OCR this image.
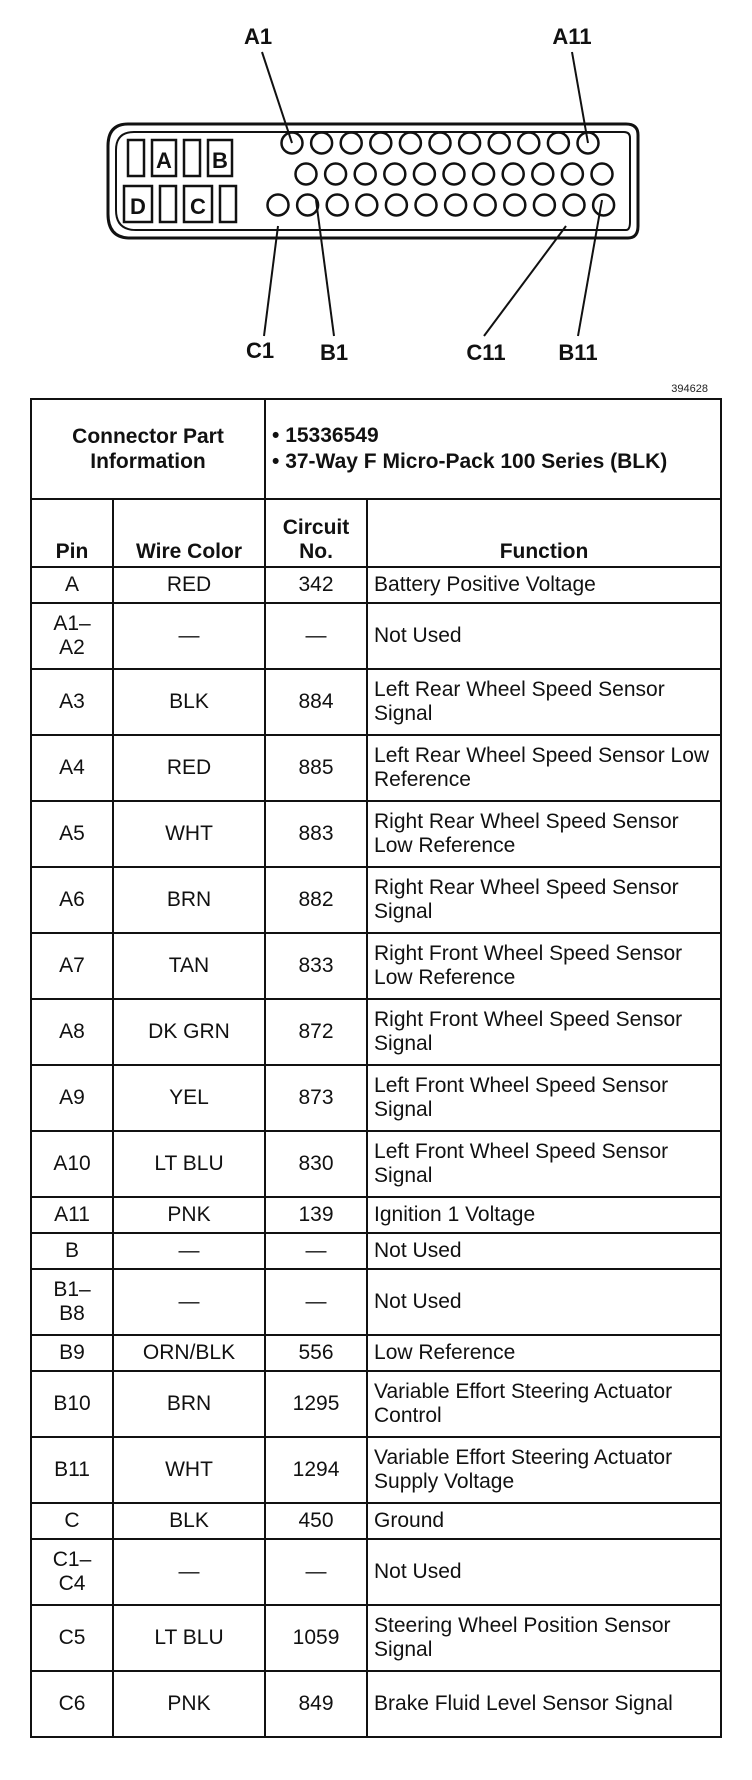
A B
C
D
A1	A11
C1 B1	C11 B11
394628
Connector Part Information		• 15336549
• 37-Way F Micro-Pack 100 Series (BLK)	

Pin	Wire Color	Circuit No.	Function
A	RED	342	Battery Positive Voltage

A1–
A2	—	—	Not Used
A3	BLK	884	Left Rear Wheel Speed Sensor Signal
A4	RED	885	Left Rear Wheel Speed Sensor Low Reference
A5	WHT	883	Right Rear Wheel Speed Sensor Low Reference
A6	BRN	882	Right Rear Wheel Speed Sensor Signal
A7	TAN	833	Right Front Wheel Speed Sensor Low Reference
A8	DK GRN	872	Right Front Wheel Speed Sensor Signal
A9	YEL	873	Left Front Wheel Speed Sensor Signal
A10	LT BLU	830	Left Front Wheel Speed Sensor Signal
A11	PNK	139	Ignition 1 Voltage
B	—	—	Not Used

B1–
B8	—	—	Not Used
B9	ORN/BLK	556	Low Reference
B10	BRN	1295	Variable Effort Steering Actuator Control
B11	WHT	1294	Variable Effort Steering Actuator Supply Voltage
C	BLK	450	Ground

C1–
C4	—	—	Not Used
C5	LT BLU	1059	Steering Wheel Position Sensor Signal
C6	PNK	849	Brake Fluid Level Sensor Signal
